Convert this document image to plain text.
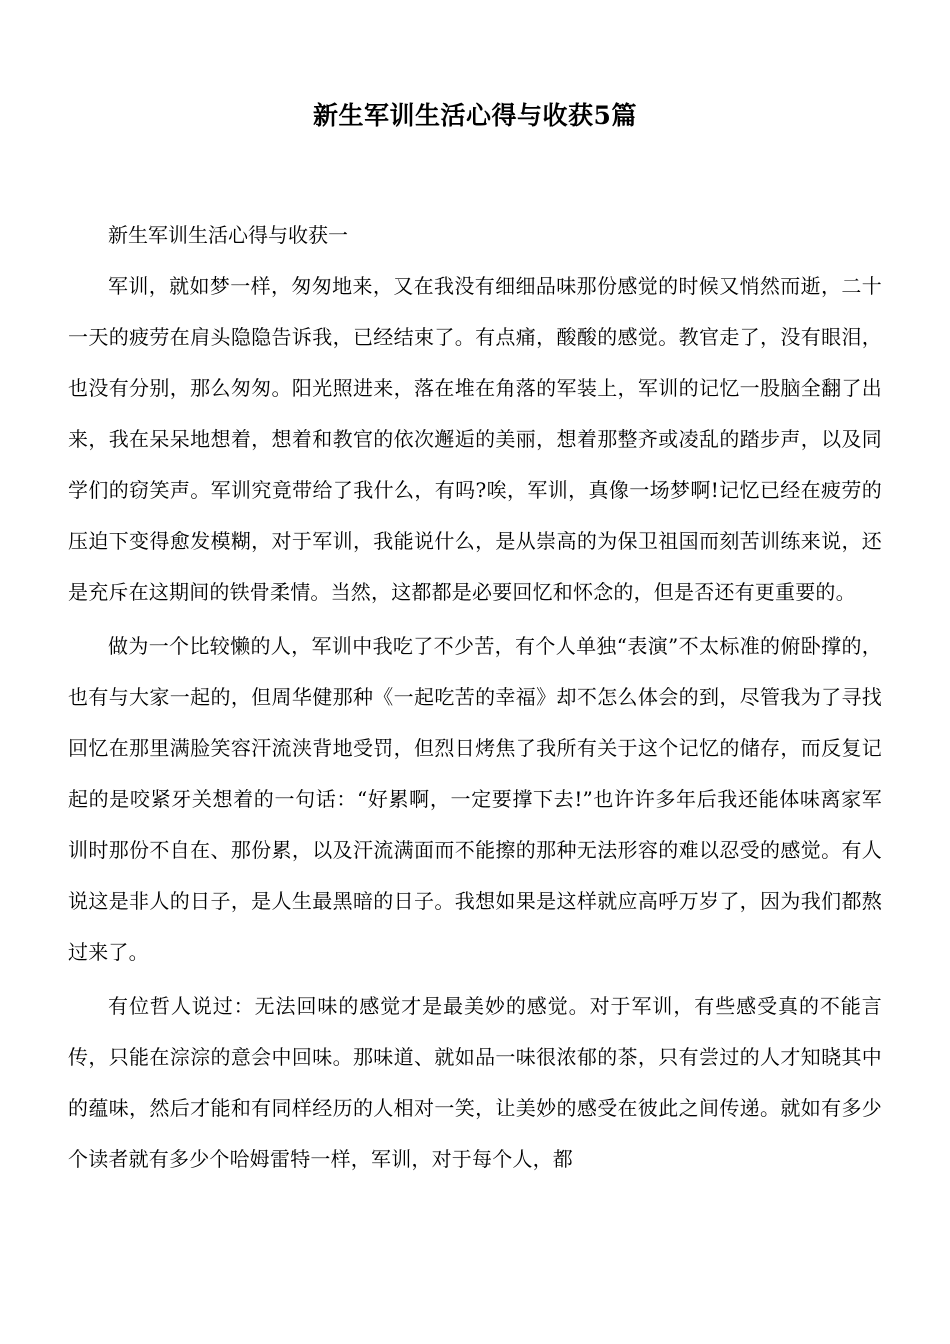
新生军训生活心得与收获5篇

新生军训生活心得与收获一

军训，就如梦一样，匆匆地来，又在我没有细细品味那份感觉的时候又悄然而逝，二十一天的疲劳在肩头隐隐告诉我，已经结束了。有点痛，酸酸的感觉。教官走了，没有眼泪，也没有分别，那么匆匆。阳光照进来，落在堆在角落的军装上，军训的记忆一股脑全翻了出来，我在呆呆地想着，想着和教官的依次邂逅的美丽，想着那整齐或凌乱的踏步声，以及同学们的窃笑声。军训究竟带给了我什么，有吗?唉，军训，真像一场梦啊!记忆已经在疲劳的压迫下变得愈发模糊，对于军训，我能说什么，是从崇高的为保卫祖国而刻苦训练来说，还是充斥在这期间的铁骨柔情。当然，这都都是必要回忆和怀念的，但是否还有更重要的。

做为一个比较懒的人，军训中我吃了不少苦，有个人单独“表演”不太标准的俯卧撑的，也有与大家一起的，但周华健那种《一起吃苦的幸福》却不怎么体会的到，尽管我为了寻找回忆在那里满脸笑容汗流浃背地受罚，但烈日烤焦了我所有关于这个记忆的储存，而反复记起的是咬紧牙关想着的一句话：“好累啊，一定要撑下去!”也许许多年后我还能体味离家军训时那份不自在、那份累，以及汗流满面而不能擦的那种无法形容的难以忍受的感觉。有人说这是非人的日子，是人生最黑暗的日子。我想如果是这样就应高呼万岁了，因为我们都熬过来了。

有位哲人说过：无法回味的感觉才是最美妙的感觉。对于军训，有些感受真的不能言传，只能在淙淙的意会中回味。那味道、就如品一味很浓郁的茶，只有尝过的人才知晓其中的蕴味，然后才能和有同样经历的人相对一笑，让美妙的感受在彼此之间传递。就如有多少个读者就有多少个哈姆雷特一样，军训，对于每个人，都
